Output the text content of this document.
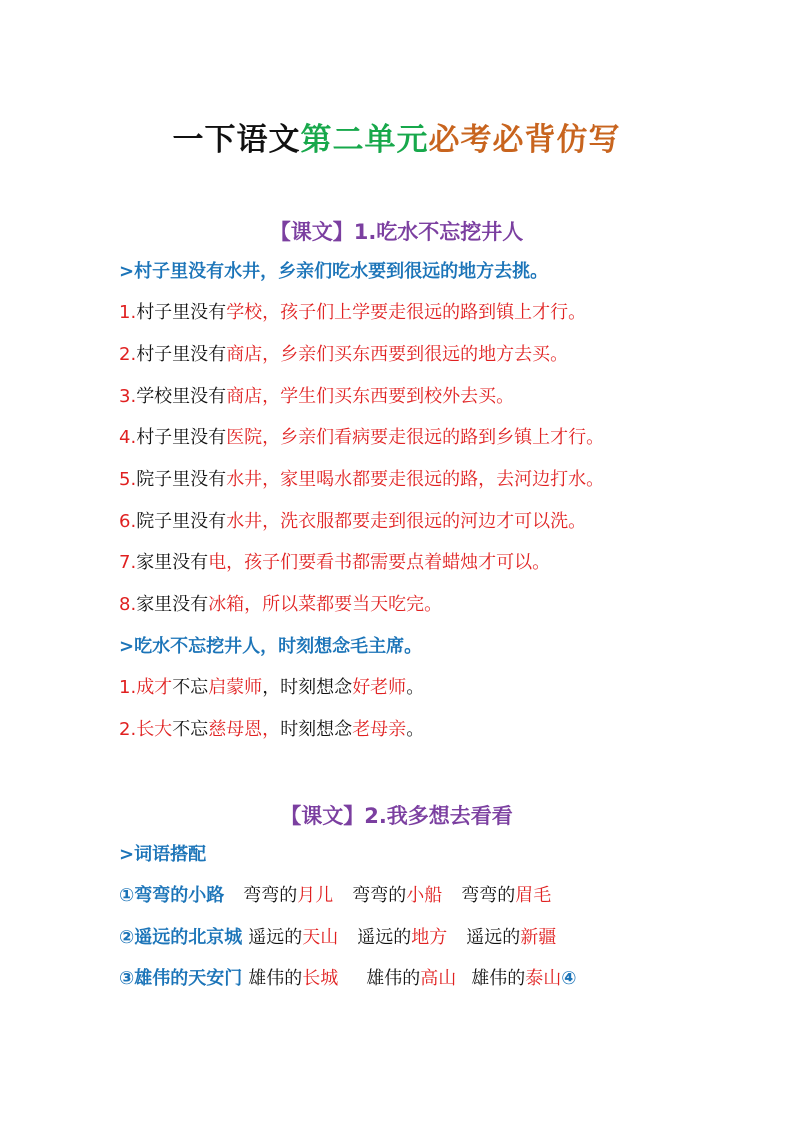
一下语文第二单元必考必背仿写
【课文】1.吃水不忘挖井人
>村子里没有水井，乡亲们吃水要到很远的地方去挑。
1.村子里没有学校，孩子们上学要走很远的路到镇上才行。
2.村子里没有商店，乡亲们买东西要到很远的地方去买。
3.学校里没有商店，学生们买东西要到校外去买。
4.村子里没有医院，乡亲们看病要走很远的路到乡镇上才行。
5.院子里没有水井，家里喝水都要走很远的路，去河边打水。
6.院子里没有水井，洗衣服都要走到很远的河边才可以洗。
7.家里没有电，孩子们要看书都需要点着蜡烛才可以。
8.家里没有冰箱，所以菜都要当天吃完。
>吃水不忘挖井人，时刻想念毛主席。
1.成才不忘启蒙师，时刻想念好老师。
2.长大不忘慈母恩，时刻想念老母亲。
【课文】2.我多想去看看
>词语搭配
①弯弯的小路 弯弯的月儿 弯弯的小船 弯弯的眉毛
②遥远的北京城 遥远的天山 遥远的地方 遥远的新疆
③雄伟的天安门 雄伟的长城 雄伟的高山 雄伟的泰山④
